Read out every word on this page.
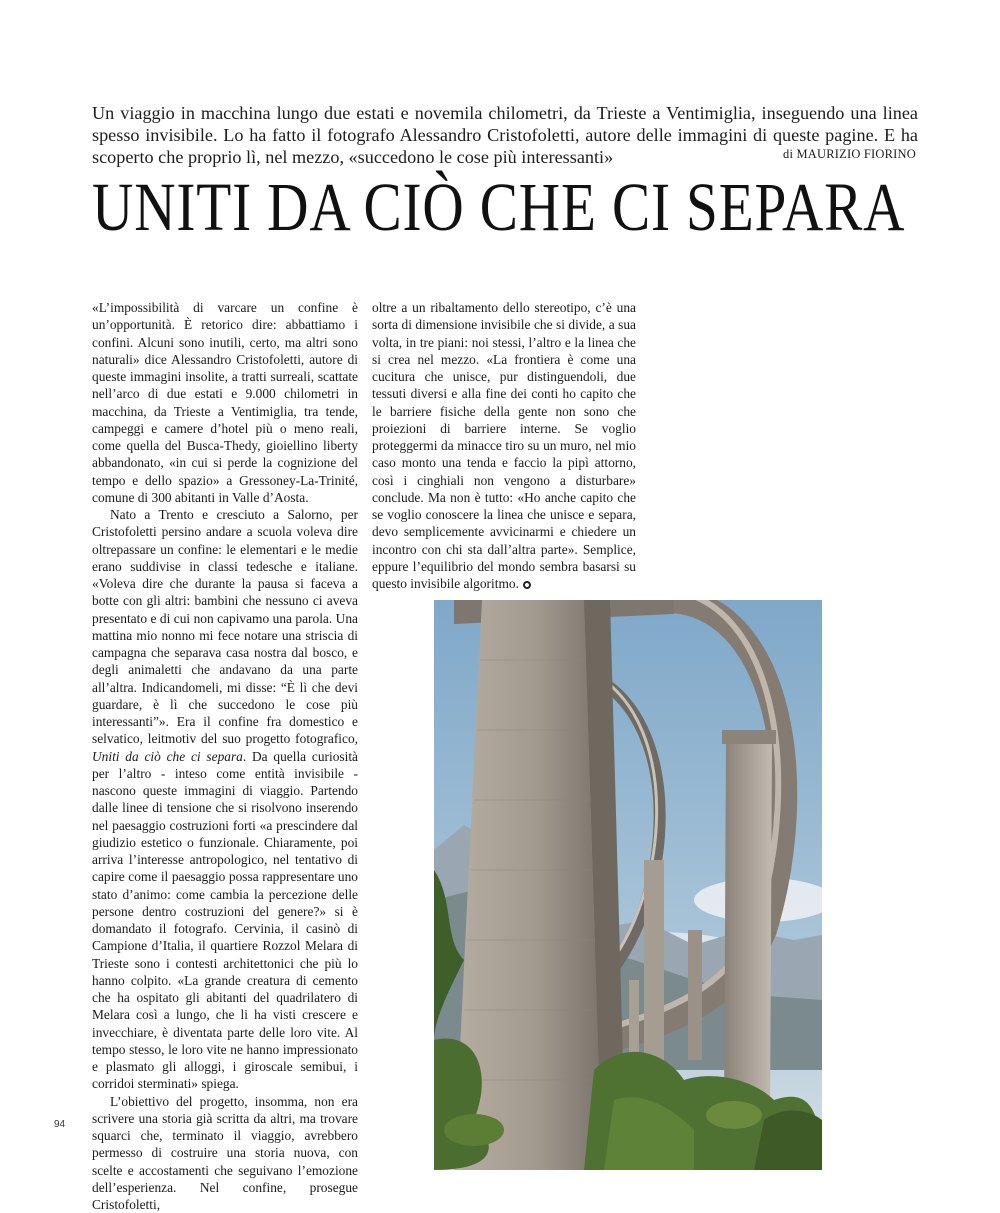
Un viaggio in macchina lungo due estati e novemila chilometri, da Trieste a Ventimiglia, inseguendo una linea spesso invisibile. Lo ha fatto il fotografo Alessandro Cristofoletti, autore delle immagini di queste pagine. E ha scoperto che proprio lì, nel mezzo, «succedono le cose più interessanti»	di MAURIZIO FIORINO
UNITI DA CIÒ CHE CI SEPARA

«L’impossibilità di varcare un confine è un’opportunità. È retorico dire: abbattiamo i confini. Alcuni sono inutili, certo, ma altri sono naturali» dice Alessandro Cristofoletti, autore di queste immagini insolite, a tratti surreali, scattate nell’arco di due estati e 9.000 chilometri in macchina, da Trieste a Ventimiglia, tra tende, campeggi e camere d’hotel più o meno reali, come quella del Busca-Thedy, gioiellino liberty abbandonato, «in cui si perde la cognizione del tempo e dello spazio» a Gressoney-La-Trinité, comune di 300 abitanti in Valle d’Aosta.

Nato a Trento e cresciuto a Salorno, per Cristofoletti persino andare a scuola voleva dire oltrepassare un confine: le elementari e le medie erano suddivise in classi tedesche e italiane. «Voleva dire che durante la pausa si faceva a botte con gli altri: bambini che nessuno ci aveva presentato e di cui non capivamo una parola. Una mattina mio nonno mi fece notare una striscia di campagna che separava casa nostra dal bosco, e degli animaletti che andavano da una parte all’altra. Indicandomeli, mi disse: “È lì che devi guardare, è lì che succedono le cose più interessanti”». Era il confine fra domestico e selvatico, leitmotiv del suo progetto fotografico, Uniti da ciò che ci separa. Da quella curiosità per l’altro - inteso come entità invisibile - nascono queste immagini di viaggio. Partendo dalle linee di tensione che si risolvono inserendo nel paesaggio costruzioni forti «a prescindere dal giudizio estetico o funzionale. Chiaramente, poi arriva l’interesse antropologico, nel tentativo di capire come il paesaggio possa rappresentare uno stato d’animo: come cambia la percezione delle persone dentro costruzioni del genere?» si è domandato il fotografo. Cervinia, il casinò di Campione d’Italia, il quartiere Rozzol Melara di Trieste sono i contesti architettonici che più lo hanno colpito. «La grande creatura di cemento che ha ospitato gli abitanti del quadrilatero di Melara così a lungo, che li ha visti crescere e invecchiare, è diventata parte delle loro vite. Al tempo stesso, le loro vite ne hanno impressionato e plasmato gli alloggi, i giroscale semibui, i corridoi sterminati» spiega.

L’obiettivo del progetto, insomma, non era scrivere una storia già scritta da altri, ma trovare squarci che, terminato il viaggio, avrebbero permesso di costruire una storia nuova, con scelte e accostamenti che seguivano l’emozione dell’esperienza. Nel confine, prosegue Cristofoletti,

oltre a un ribaltamento dello stereotipo, c’è una sorta di dimensione invisibile che si divide, a sua volta, in tre piani: noi stessi, l’altro e la linea che si crea nel mezzo. «La frontiera è come una cucitura che unisce, pur distinguendoli, due tessuti diversi e alla fine dei conti ho capito che le barriere fisiche della gente non sono che proiezioni di barriere interne. Se voglio proteggermi da minacce tiro su un muro, nel mio caso monto una tenda e faccio la pipì attorno, così i cinghiali non vengono a disturbare» conclude. Ma non è tutto: «Ho anche capito che se voglio conoscere la linea che unisce e separa, devo semplicemente avvicinarmi e chiedere un incontro con chi sta dall’altra parte». Semplice, eppure l’equilibrio del mondo sembra basarsi su questo invisibile algoritmo.

94
